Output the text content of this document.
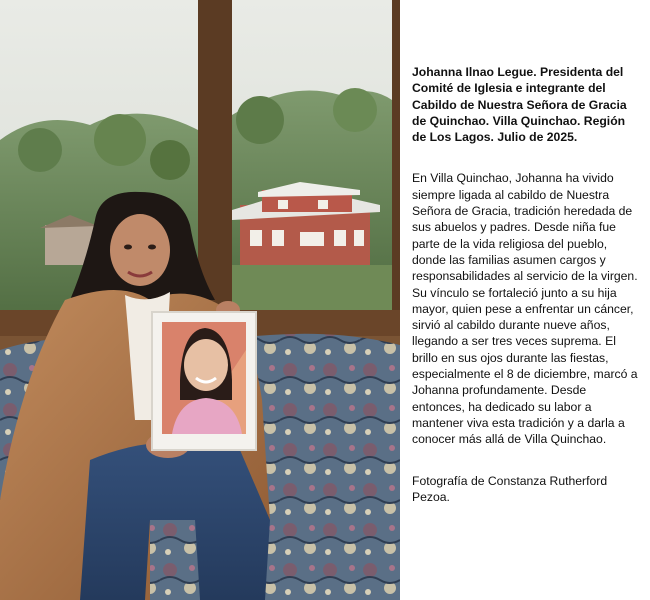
Johanna Ilnao Legue. Presidenta del Comité de Iglesia e integrante del Cabildo de Nuestra Señora de Gracia de Quinchao. Villa Quinchao. Región de Los Lagos. Julio de 2025.

En Villa Quinchao, Johanna ha vivido siempre ligada al cabildo de Nuestra Señora de Gracia, tradición heredada de sus abuelos y padres. Desde niña fue parte de la vida religiosa del pueblo, donde las familias asumen cargos y responsabilidades al servicio de la virgen. Su vínculo se fortaleció junto a su hija mayor, quien pese a enfrentar un cáncer, sirvió al cabildo durante nueve años, llegando a ser tres veces suprema. El brillo en sus ojos durante las fiestas, especialmente el 8 de diciembre, marcó a Johanna profundamente. Desde entonces, ha dedicado su labor a mantener viva esta tradición y a darla a conocer más allá de Villa Quinchao.

Fotografía de Constanza Rutherford Pezoa.
